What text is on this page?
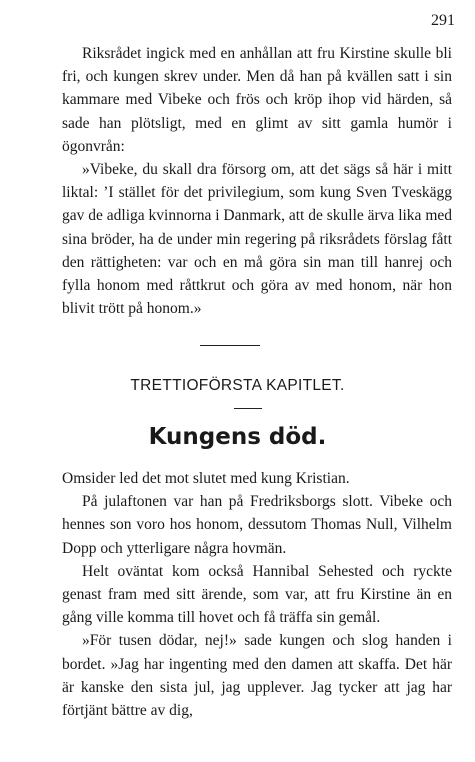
291

Riksrådet ingick med en anhållan att fru Kirstine skulle bli fri, och kungen skrev under. Men då han på kvällen satt i sin kammare med Vibeke och frös och kröp ihop vid härden, så sade han plötsligt, med en glimt av sitt gamla humör i ögonvrån:

»Vibeke, du skall dra försorg om, att det sägs så här i mitt liktal: ’I stället för det privilegium, som kung Sven Tveskägg gav de adliga kvinnorna i Danmark, att de skulle ärva lika med sina bröder, ha de under min regering på riksrådets förslag fått den rättigheten: var och en må göra sin man till hanrej och fylla honom med råttkrut och göra av med honom, när hon blivit trött på honom.»

TRETTIOFÖRSTA KAPITLET.
Kungens död.

Omsider led det mot slutet med kung Kristian.

På julaftonen var han på Fredriksborgs slott. Vibeke och hennes son voro hos honom, dessutom Thomas Null, Vilhelm Dopp och ytterligare några hovmän.

Helt oväntat kom också Hannibal Sehested och ryckte genast fram med sitt ärende, som var, att fru Kirstine än en gång ville komma till hovet och få träffa sin gemål.

»För tusen dödar, nej!» sade kungen och slog handen i bordet. »Jag har ingenting med den damen att skaffa. Det här är kanske den sista jul, jag upplever. Jag tycker att jag har förtjänt bättre av dig,
